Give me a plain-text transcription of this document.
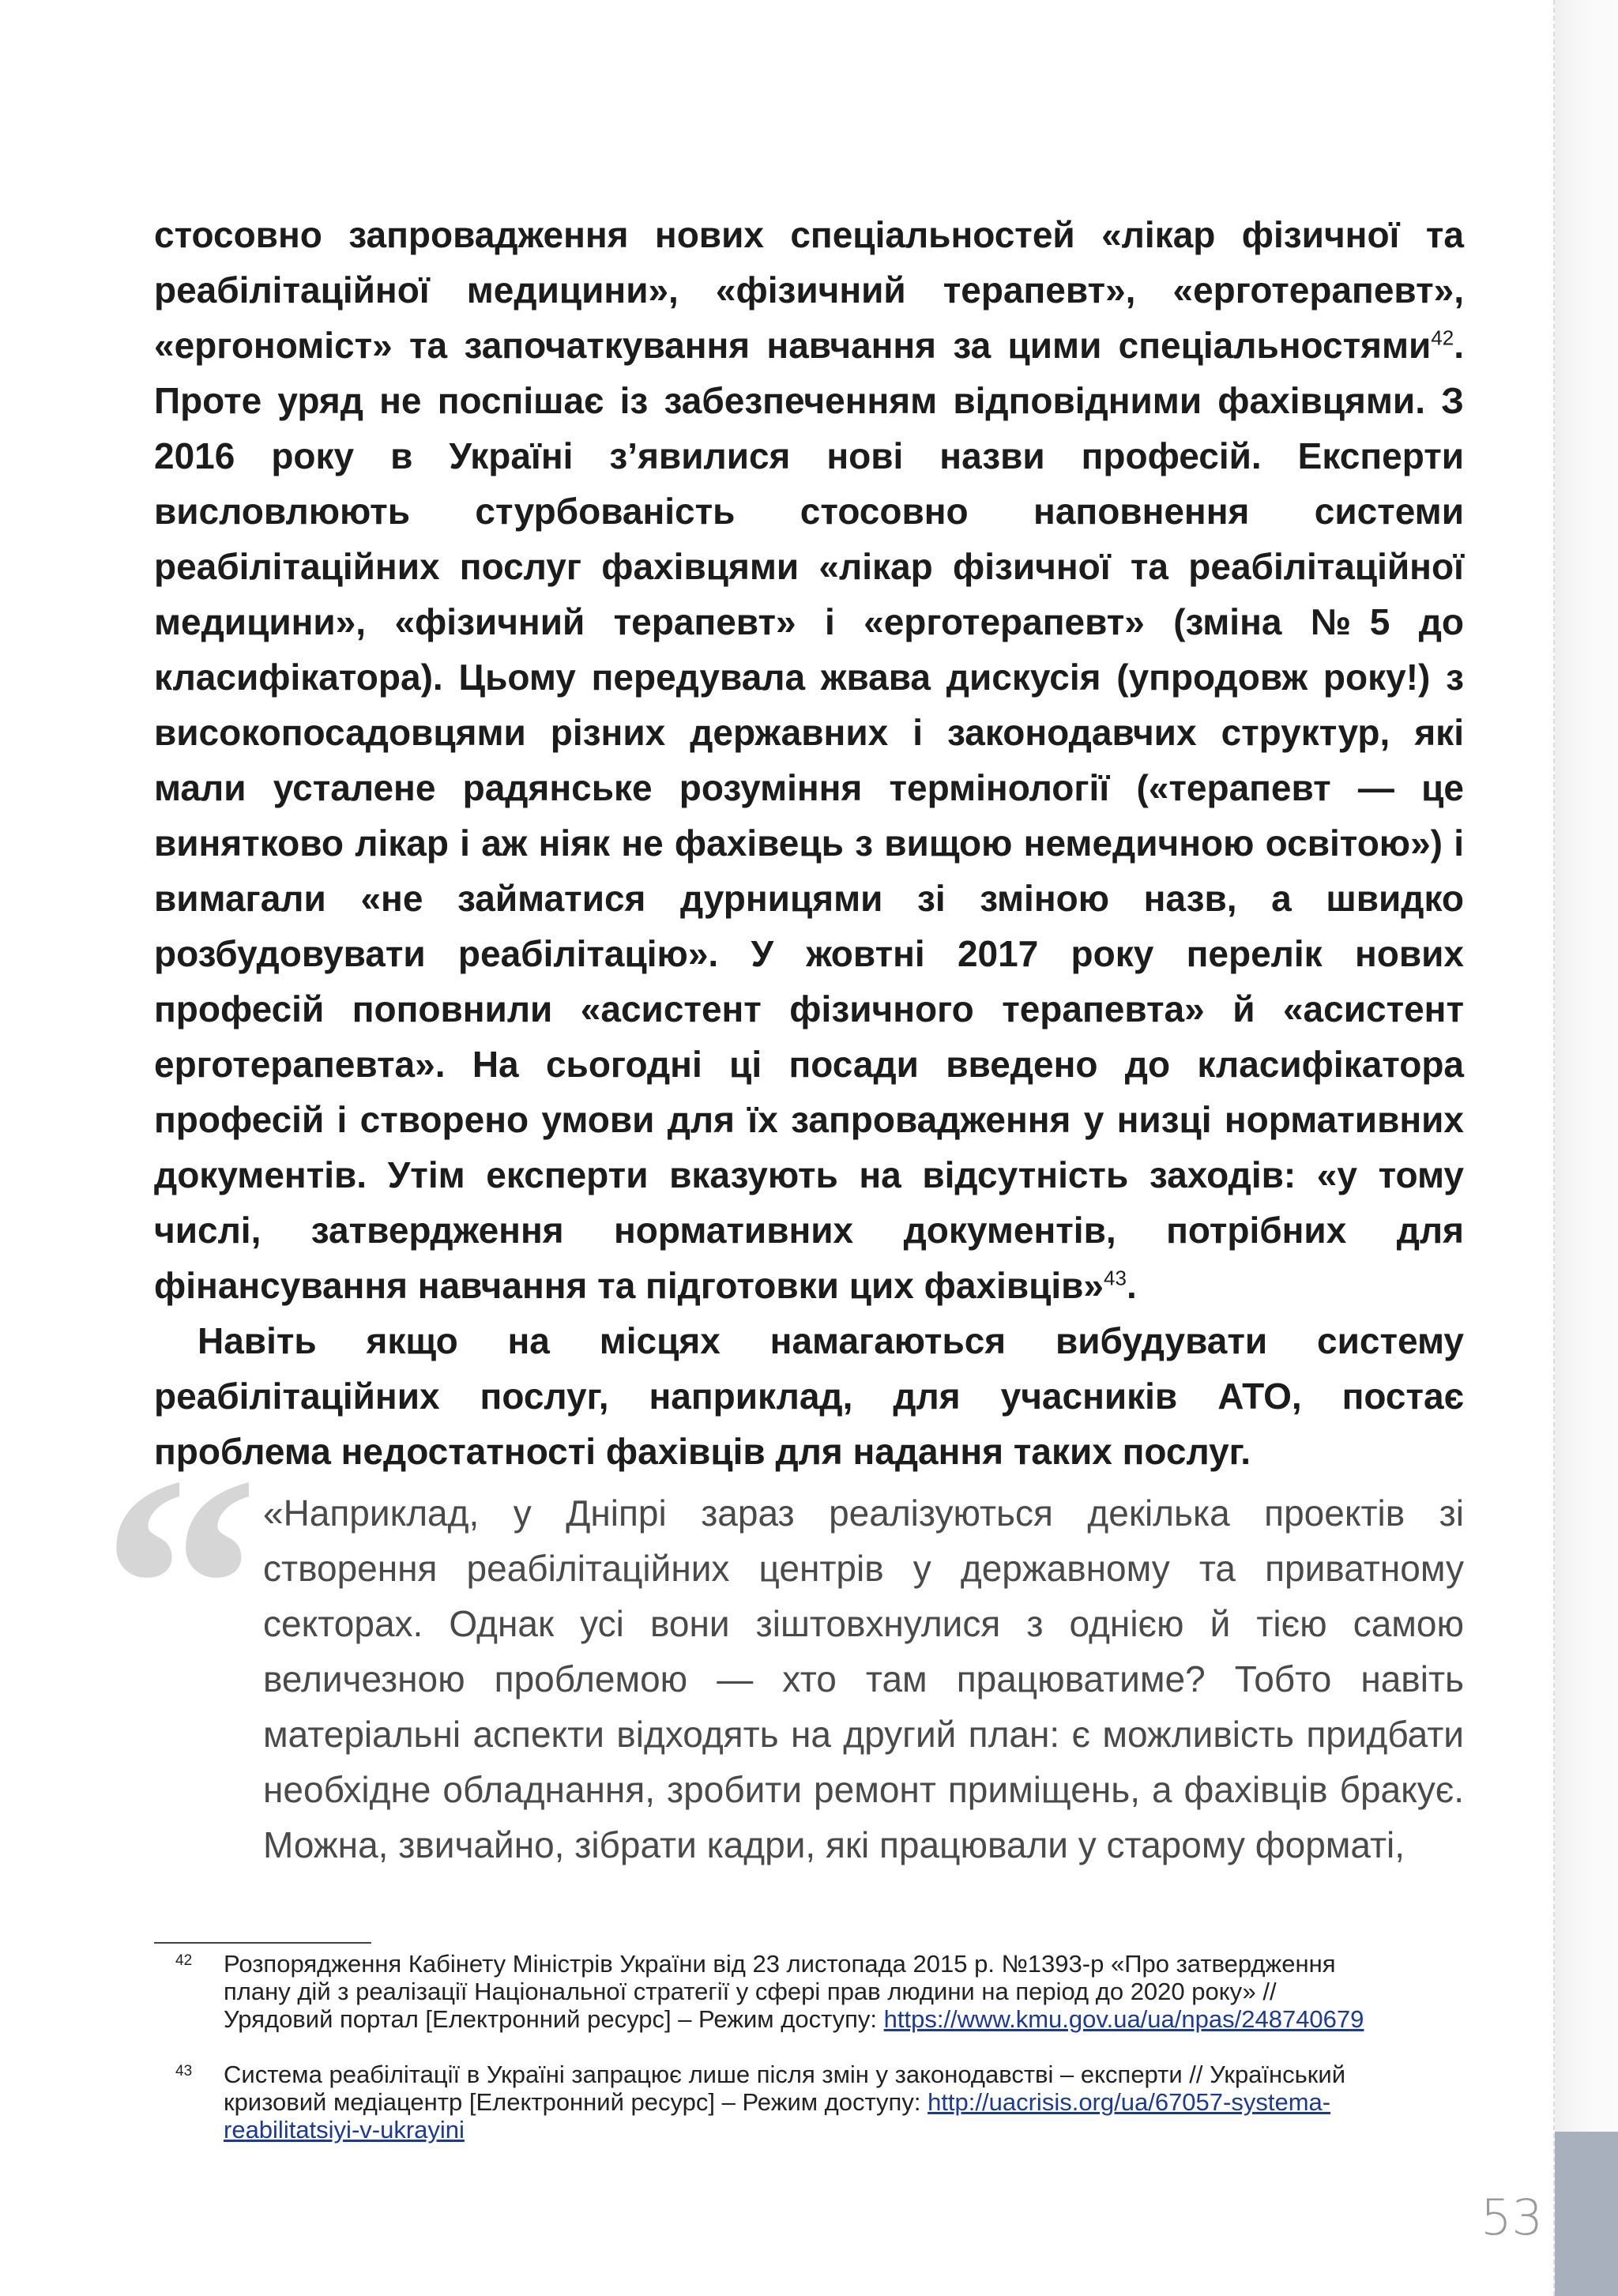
стосовно запровадження нових спеціальностей «лікар фізичної та реабілітаційної медицини», «фізичний терапевт», «ерготерапевт», «ергономіст» та започаткування навчання за цими спеціальностями$^{42}$. Проте уряд не поспішає із забезпеченням відповідними фахівцями. З 2016 року в Україні з’явилися нові назви професій. Експерти висловлюють стурбованість стосовно наповнення системи реабілітаційних послуг фахівцями «лікар фізичної та реабілітаційної медицини», «фізичний терапевт» і «ерготерапевт» (зміна №5 до класифікатора). Цьому передувала жвава дискусія (упродовж року!) з високопосадовцями різних державних і законодавчих структур, які мали усталене радянське розуміння термінології («терапевт — це винятково лікар і аж ніяк не фахівець з вищою немедичною освітою») і вимагали «не займатися дурницями зі зміною назв, а швидко розбудовувати реабілітацію». У жовтні 2017 року перелік нових професій поповнили «асистент фізичного терапевта» й «асистент ерготерапевта». На сьогодні ці посади введено до класифікатора професій і створено умови для їх запровадження у низці нормативних документів. Утім експерти вказують на відсутність заходів: «у тому числі, затвердження нормативних документів, потрібних для фінансування навчання та підготовки цих фахівців»$^{43}$.

Навіть якщо на місцях намагаються вибудувати систему реабілітаційних послуг, наприклад, для учасників АТО, постає проблема недостатності фахівців для надання таких послуг.

“ «Наприклад, у Дніпрі зараз реалізуються декілька проектів зі створення реабілітаційних центрів у державному та приватному секторах. Однак усі вони зіштовхнулися з однією й тією самою величезною проблемою — хто там працюватиме? Тобто навіть матеріальні аспекти відходять на другий план: є можливість придбати необхідне обладнання, зробити ремонт приміщень, а фахівців бракує. Можна, звичайно, зібрати кадри, які працювали у старому форматі,

42 Розпорядження Кабінету Міністрів України від 23 листопада 2015 р. №1393-р «Про затвердження плану дій з реалізації Національної стратегії у сфері прав людини на період до 2020 року» // Урядовий портал [Електронний ресурс] – Режим доступу: https://www.kmu.gov.ua/ua/npas/248740679
43 Система реабілітації в Україні запрацює лише після змін у законодавстві – експерти // Український кризовий медіацентр [Електронний ресурс] – Режим доступу: http://uacrisis.org/ua/67057-systema-reabilitatsiyi-v-ukrayini
53
